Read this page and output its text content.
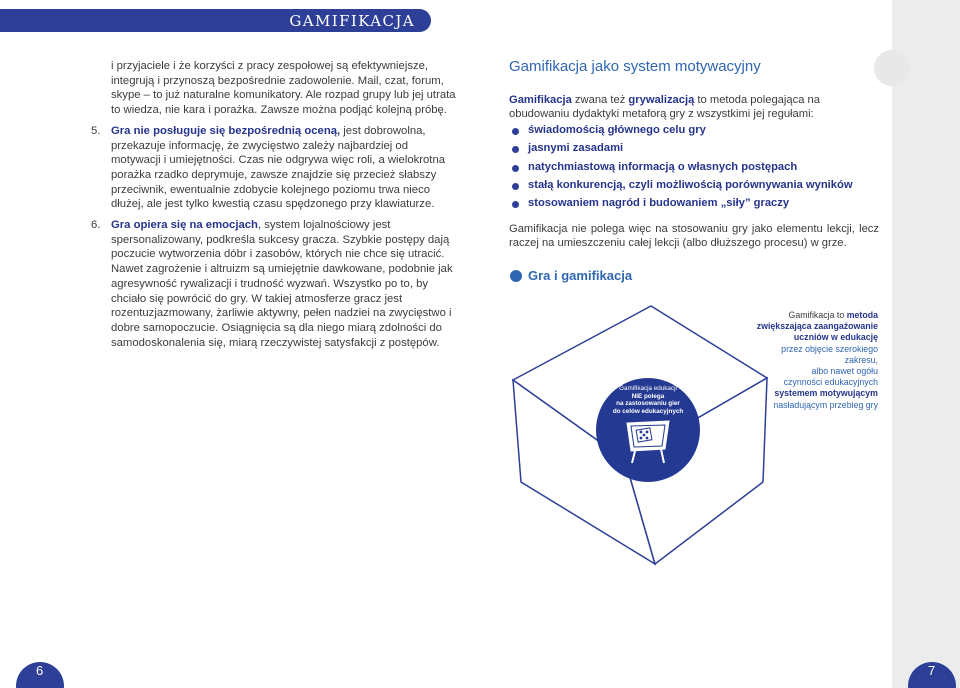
GAMIFIKACJA

i przyjaciele i że korzyści z pracy zespołowej są efektywniejsze, integrują i przynoszą bezpośrednie zadowolenie. Mail, czat, forum, skype – to już naturalne komunikatory. Ale rozpad grupy lub jej utrata to wiedza, nie kara i porażka. Zawsze można podjąć kolejną próbę.

5. Gra nie posługuje się bezpośrednią oceną, jest dobrowolna, przekazuje informację, że zwycięstwo zależy najbardziej od motywacji i umiejętności. Czas nie odgrywa więc roli, a wielokrotna porażka rzadko deprymuje, zawsze znajdzie się przecież słabszy przeciwnik, ewentualnie zdobycie kolejnego poziomu trwa nieco dłużej, ale jest tylko kwestią czasu spędzonego przy klawiaturze.
6. Gra opiera się na emocjach, system lojalnościowy jest spersonalizowany, podkreśla sukcesy gracza. Szybkie postępy dają poczucie wytworzenia dóbr i zasobów, których nie chce się utracić. Nawet zagrożenie i altruizm są umiejętnie dawkowane, podobnie jak agresywność rywalizacji i trudność wyzwań. Wszystko po to, by chciało się powrócić do gry. W takiej atmosferze gracz jest rozentuzjazmowany, żarliwie aktywny, pełen nadziei na zwycięstwo i dobre samopoczucie. Osiągnięcia są dla niego miarą zdolności do samodoskonalenia się, miarą rzeczywistej satysfakcji z postępów.
Gamifikacja jako system motywacyjny
Gamifikacja zwana też grywalizacją to metoda polegająca na obudowaniu dydaktyki metaforą gry z wszystkimi jej regułami:
świadomością głównego celu gry
jasnymi zasadami
natychmiastową informacją o własnych postępach
stałą konkurencją, czyli możliwością porównywania wyników
stosowaniem nagród i budowaniem „siły” graczy

Gamifikacja nie polega więc na stosowaniu gry jako elementu lekcji, lecz raczej na umieszczeniu całej lekcji (albo dłuższego procesu) w grze.

Gra i gamifikacja
Gamifikacja to metoda
zwiększająca zaangażowanie
uczniów w edukację
przez objęcie szerokiego zakresu,
albo nawet ogółu
czynności edukacyjnych
systemem motywującym
nasładującym przebieg gry
Gamifikacja edukacji
NIE polega
na zastosowaniu gier
do celów edukacyjnych
6	7
